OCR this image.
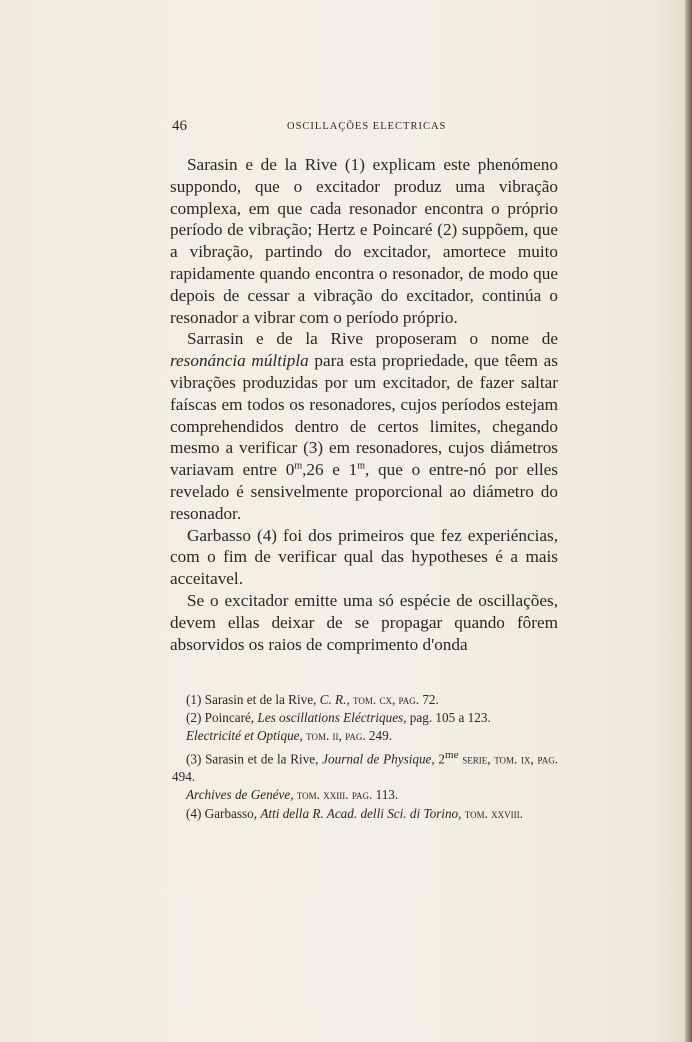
46	OSCILLAÇÕES ELECTRICAS

Sarasin e de la Rive (1) explicam este phenómeno suppondo, que o excitador produz uma vibração complexa, em que cada resonador encontra o próprio período de vibração; Hertz e Poincaré (2) suppõem, que a vibração, partindo do excitador, amortece muito rapidamente quando encontra o resonador, de modo que depois de cessar a vibração do excitador, continúa o resonador a vibrar com o período próprio.

Sarrasin e de la Rive proposeram o nome de resonáncia múltipla para esta propriedade, que têem as vibrações produzidas por um excitador, de fazer saltar faíscas em todos os resonadores, cujos períodos estejam comprehendidos dentro de certos limites, chegando mesmo a verificar (3) em resonadores, cujos diámetros variavam entre 0$^m$,26 e 1$^m$, que o entre-nó por elles revelado é sensivelmente proporcional ao diámetro do resonador.

Garbasso (4) foi dos primeiros que fez experiéncias, com o fim de verificar qual das hypotheses é a mais acceitavel.

Se o excitador emitte uma só espécie de oscillações, devem ellas deixar de se propagar quando fôrem absorvidos os raios de comprimento d'onda

(1) Sarasin et de la Rive, C. R., tom. cx, pag. 72.

(2) Poincaré, Les oscillations Eléctriques, pag. 105 a 123.

Electricité et Optique, tom. ii, pag. 249.

(3) Sarasin et de la Rive, Journal de Physique, $2^{me}$ serie, tom. ix, pag. 494.

Archives de Genéve, tom. xxiii. pag. 113.

(4) Garbasso, Atti della R. Acad. delli Sci. di Torino, tom. xxviii.
